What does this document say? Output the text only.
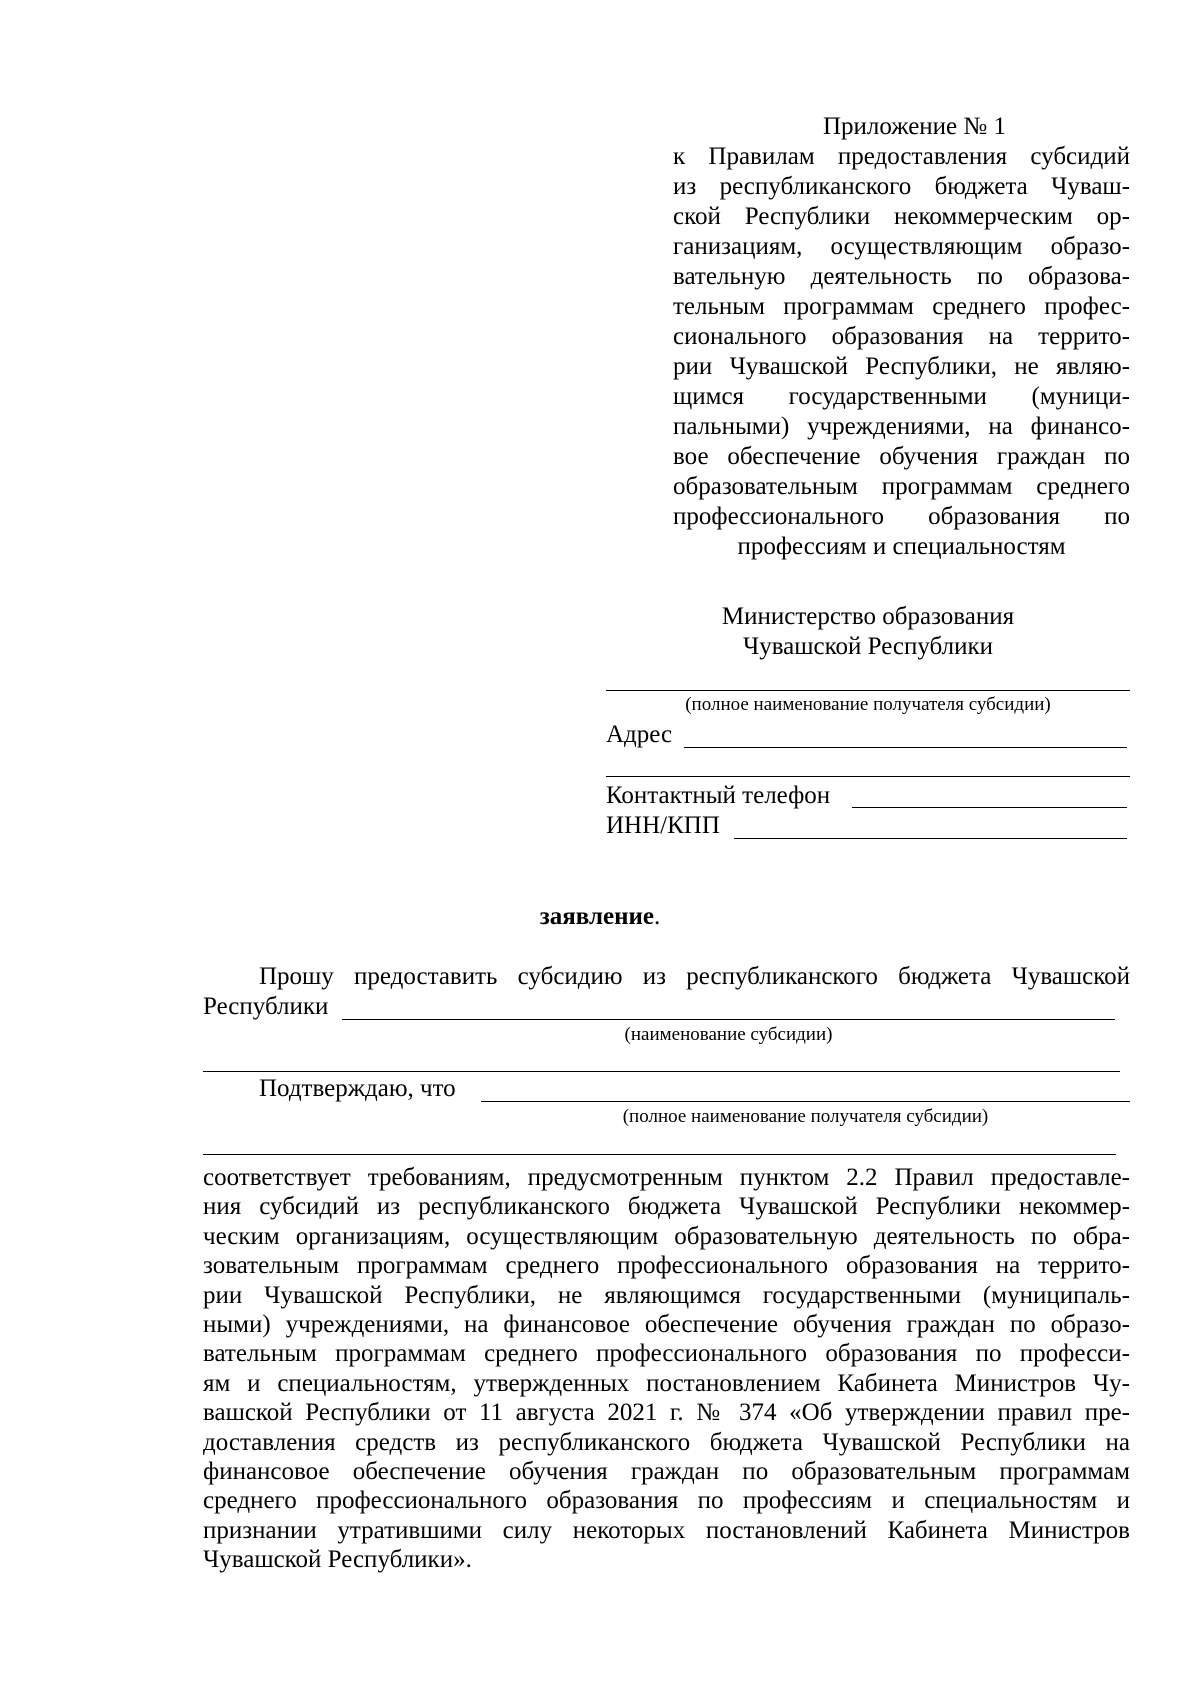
Приложение № 1
к Правилам предоставления субсидий
из республиканского бюджета Чуваш-
ской Республики некоммерческим ор-
ганизациям, осуществляющим образо-
вательную деятельность по образова-
тельным программам среднего профес-
сионального образования на террито-
рии Чувашской Республики, не являю-
щимся государственными (муници-
пальными) учреждениями, на финансо-
вое обеспечение обучения граждан по
образовательным программам среднего
профессионального образования по
профессиям и специальностям
Министерство образования
Чувашской Республики
(полное наименование получателя субсидии)
Адрес
Контактный телефон
ИНН/КПП
заявление.
Прошу предоставить субсидию из республиканского бюджета Чувашской
Республики
(наименование субсидии)
Подтверждаю, что
(полное наименование получателя субсидии)
соответствует требованиям, предусмотренным пунктом 2.2 Правил предоставле-
ния субсидий из республиканского бюджета Чувашской Республики некоммер-
ческим организациям, осуществляющим образовательную деятельность по обра-
зовательным программам среднего профессионального образования на террито-
рии Чувашской Республики, не являющимся государственными (муниципаль-
ными) учреждениями, на финансовое обеспечение обучения граждан по образо-
вательным программам среднего профессионального образования по професси-
ям и специальностям, утвержденных постановлением Кабинета Министров Чу-
вашской Республики от 11 августа 2021 г. № 374 «Об утверждении правил пре-
доставления средств из республиканского бюджета Чувашской Республики на
финансовое обеспечение обучения граждан по образовательным программам
среднего профессионального образования по профессиям и специальностям и
признании утратившими силу некоторых постановлений Кабинета Министров
Чувашской Республики».
